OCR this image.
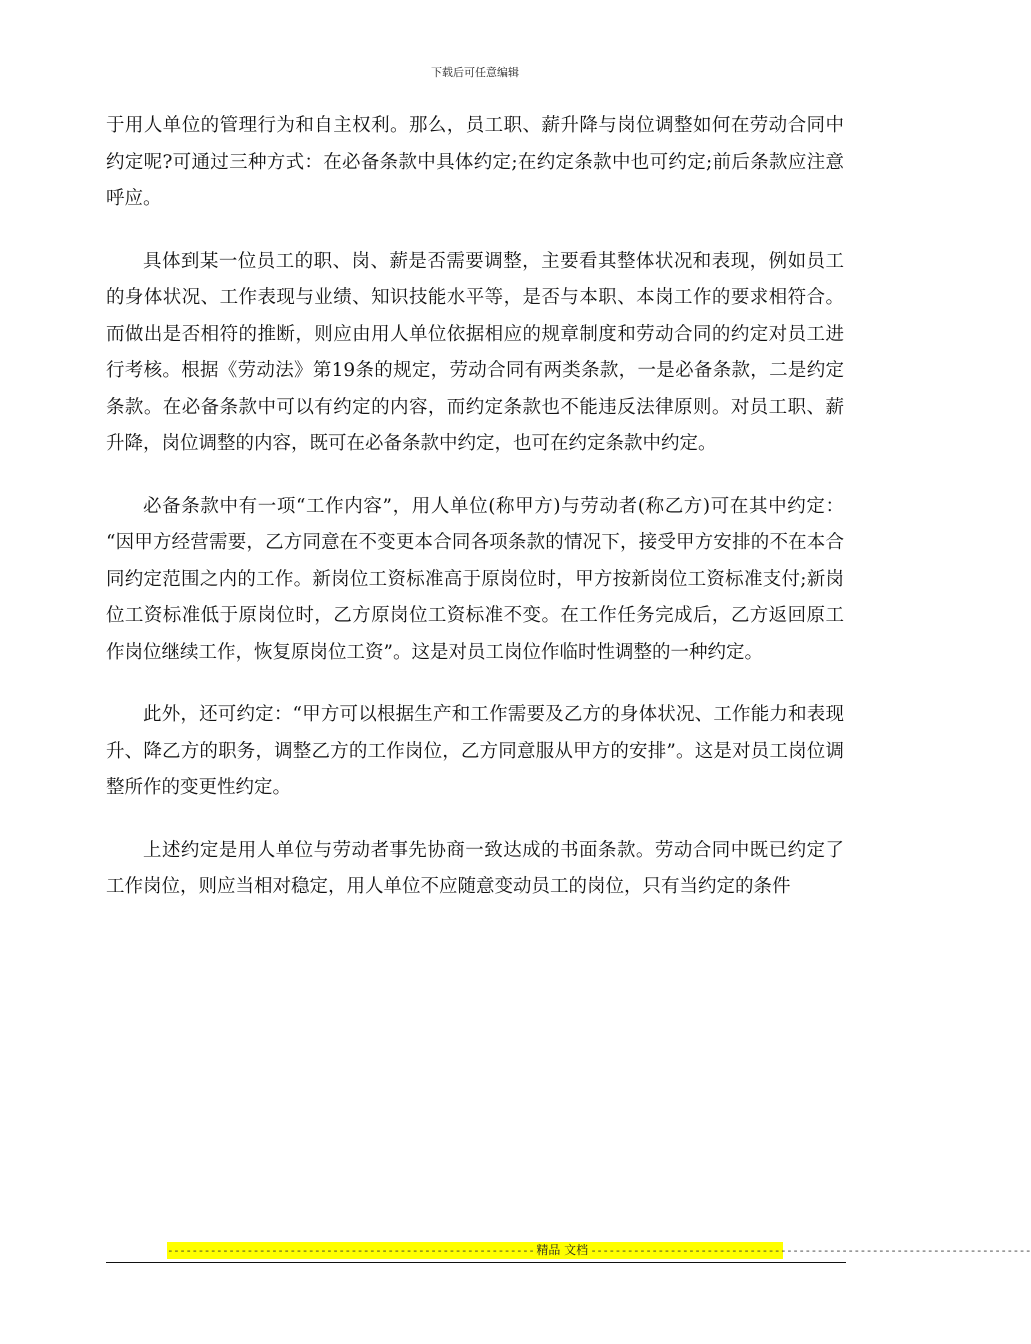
下载后可任意编辑

于用人单位的管理行为和自主权利。那么，员工职、薪升降与岗位调整如何在劳动合同中约定呢?可通过三种方式：在必备条款中具体约定;在约定条款中也可约定;前后条款应注意呼应。

具体到某一位员工的职、岗、薪是否需要调整，主要看其整体状况和表现，例如员工的身体状况、工作表现与业绩、知识技能水平等，是否与本职、本岗工作的要求相符合。而做出是否相符的推断，则应由用人单位依据相应的规章制度和劳动合同的约定对员工进行考核。根据《劳动法》第19条的规定，劳动合同有两类条款，一是必备条款，二是约定条款。在必备条款中可以有约定的内容，而约定条款也不能违反法律原则。对员工职、薪升降，岗位调整的内容，既可在必备条款中约定，也可在约定条款中约定。

必备条款中有一项“工作内容”，用人单位(称甲方)与劳动者(称乙方)可在其中约定： “因甲方经营需要，乙方同意在不变更本合同各项条款的情况下，接受甲方安排的不在本合同约定范围之内的工作。新岗位工资标准高于原岗位时，甲方按新岗位工资标准支付;新岗位工资标准低于原岗位时，乙方原岗位工资标准不变。在工作任务完成后，乙方返回原工作岗位继续工作，恢复原岗位工资”。这是对员工岗位作临时性调整的一种约定。

此外，还可约定：“甲方可以根据生产和工作需要及乙方的身体状况、工作能力和表现升、降乙方的职务，调整乙方的工作岗位，乙方同意服从甲方的安排”。这是对员工岗位调整所作的变更性约定。

上述约定是用人单位与劳动者事先协商一致达成的书面条款。劳动合同中既已约定了工作岗位，则应当相对稳定，用人单位不应随意变动员工的岗位，只有当约定的条件

------------------------------------------------------------ 精品 文档 ------------------------------------------------------------------------
